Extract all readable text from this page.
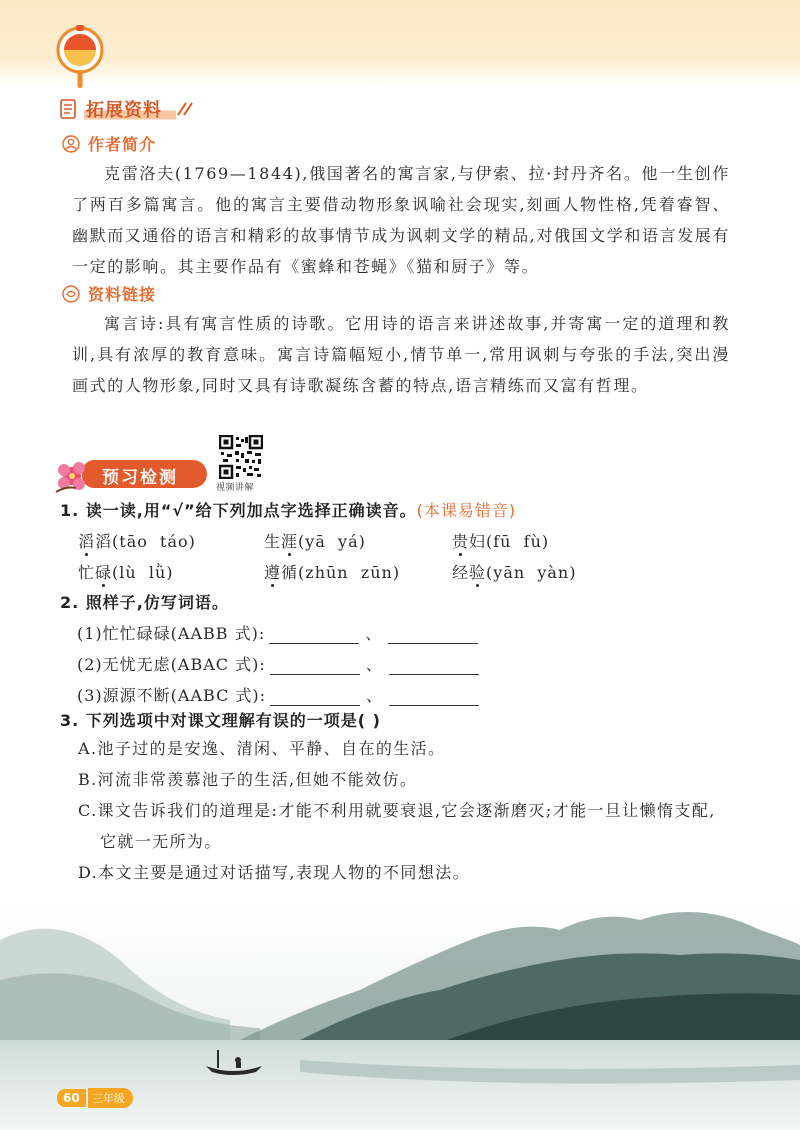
拓展资料
作者简介

克雷洛夫(1769—1844),俄国著名的寓言家,与伊索、拉·封丹齐名。他一生创作了两百多篇寓言。他的寓言主要借动物形象讽喻社会现实,刻画人物性格,凭着睿智、幽默而又通俗的语言和精彩的故事情节成为讽刺文学的精品,对俄国文学和语言发展有一定的影响。其主要作品有《蜜蜂和苍蝇》《猫和厨子》等。

资料链接

寓言诗:具有寓言性质的诗歌。它用诗的语言来讲述故事,并寄寓一定的道理和教训,具有浓厚的教育意味。寓言诗篇幅短小,情节单一,常用讽刺与夸张的手法,突出漫画式的人物形象,同时又具有诗歌凝练含蓄的特点,语言精练而又富有哲理。

预习检测	视频讲解
1. 读一读,用“√”给下列加点字选择正确读音。(本课易错音)
滔滔(tāo  táo)	生涯(yā  yá)	贵妇(fū  fù)
忙碌(lù  lǜ)	遵循(zhūn  zūn)	经验(yān  yàn)
2. 照样子,仿写词语。
(1)忙忙碌碌(AABB 式):	、
(2)无忧无虑(ABAC 式):	、
(3)源源不断(AABC 式):	、
3. 下列选项中对课文理解有误的一项是( )
A.池子过的是安逸、清闲、平静、自在的生活。
B.河流非常羡慕池子的生活,但她不能效仿。
C.课文告诉我们的道理是:才能不利用就要衰退,它会逐渐磨灭;才能一旦让懒惰支配,它就一无所为。
D.本文主要是通过对话描写,表现人物的不同想法。
60	三年级
